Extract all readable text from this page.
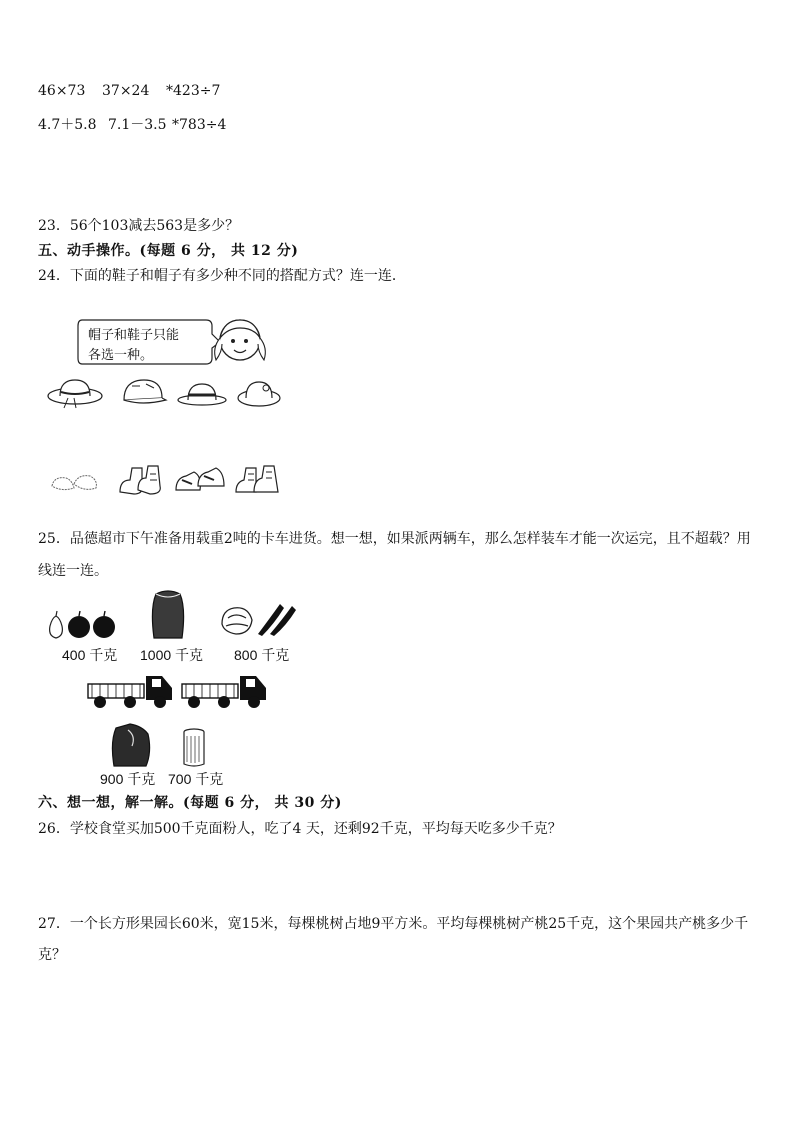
46×73 37×24 *423÷7
4.7＋5.8 7.1－3.5 *783÷4
23．56个103减去563是多少？
五、动手操作。(每题 6 分， 共 12 分)
24．下面的鞋子和帽子有多少种不同的搭配方式？连一连．
帽子和鞋子只能
各选一种。
25．品德超市下午准备用载重2吨的卡车进货。想一想，如果派两辆车，那么怎样装车才能一次运完，且不超载？用
线连一连。
400 千克 1000 千克 800 千克
900 千克 700 千克
六、想一想，解一解。(每题 6 分， 共 30 分)
26．学校食堂买加500千克面粉人，吃了4 天，还剩92千克，平均每天吃多少千克？
27．一个长方形果园长60米，宽15米，每棵桃树占地9平方米。平均每棵桃树产桃25千克，这个果园共产桃多少千
克？
